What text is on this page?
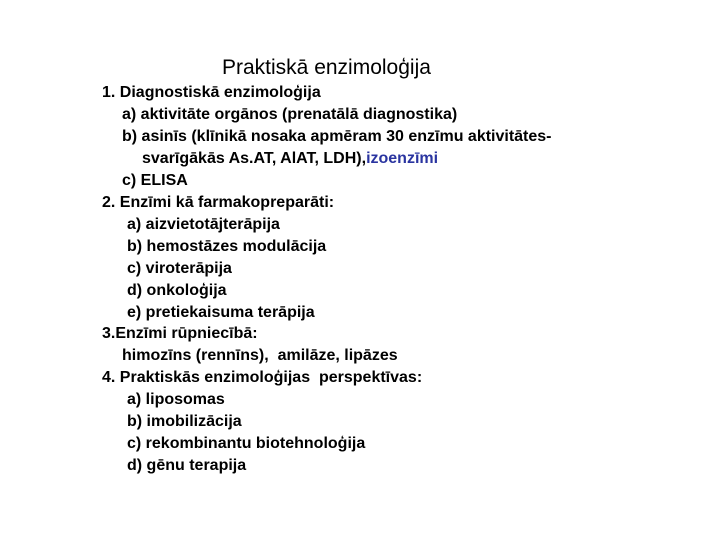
Praktiskā enzimoloģija
1. Diagnostiskā enzimoloģija
a) aktivitāte orgānos (prenatālā diagnostika)
b) asinīs (klīnikā nosaka apmēram 30 enzīmu aktivitātes-
svarīgākās As.AT, AlAT, LDH),izoenzīmi
c) ELISA
2. Enzīmi kā farmakopreparāti:
a) aizvietotājterāpija
b) hemostāzes modulācija
c) viroterāpija
d) onkoloģija
e) pretiekaisuma terāpija
3.Enzīmi rūpniecībā:
himozīns (rennīns),  amilāze, lipāzes
4. Praktiskās enzimoloģijas  perspektīvas:
a) liposomas
b) imobilizācija
c) rekombinantu biotehnoloģija
d) gēnu terapija
